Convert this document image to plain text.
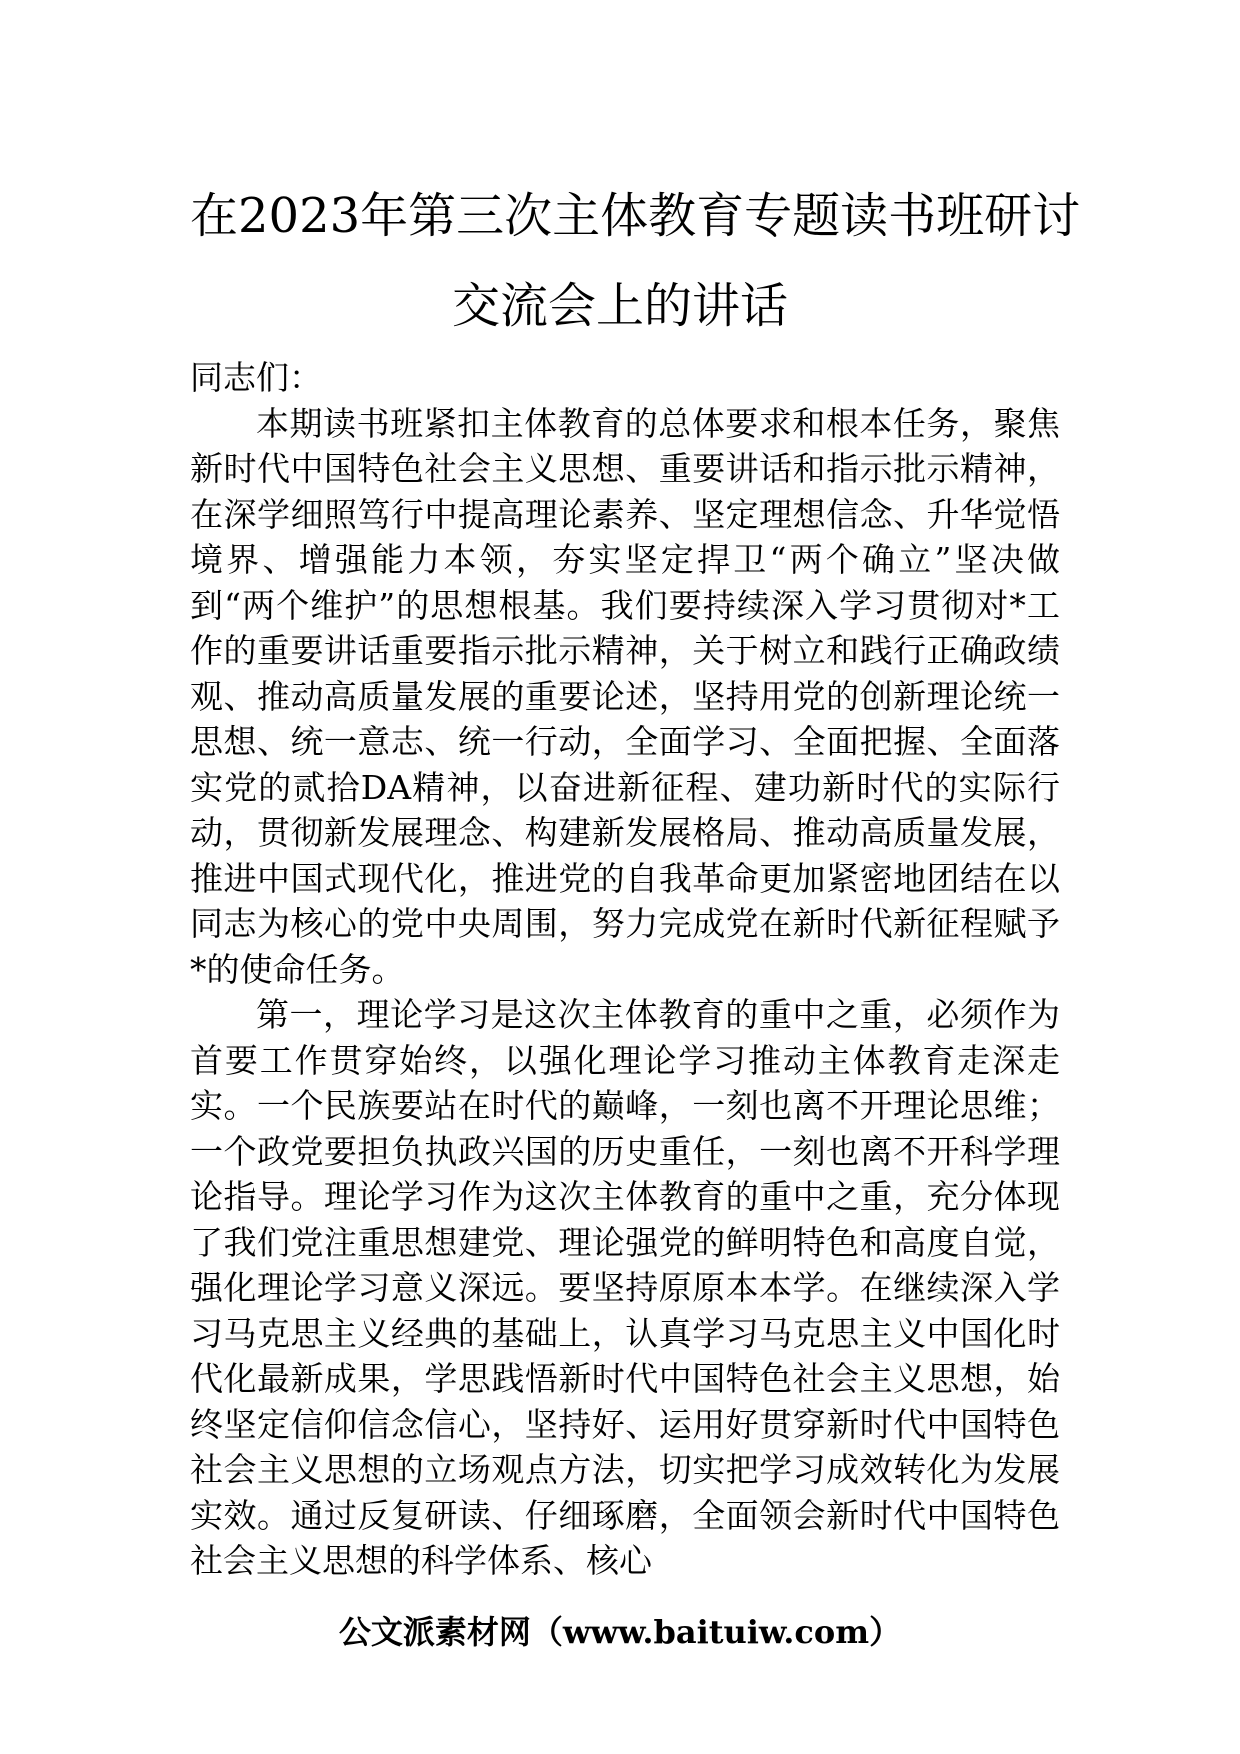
在2023年第三次主体教育专题读书班研讨
交流会上的讲话

同志们：

本期读书班紧扣主体教育的总体要求和根本任务，聚焦新时代中国特色社会主义思想、重要讲话和指示批示精神，在深学细照笃行中提高理论素养、坚定理想信念、升华觉悟境界、增强能力本领，夯实坚定捍卫“两个确立”坚决做到“两个维护”的思想根基。我们要持续深入学习贯彻对*工作的重要讲话重要指示批示精神，关于树立和践行正确政绩观、推动高质量发展的重要论述，坚持用党的创新理论统一思想、统一意志、统一行动，全面学习、全面把握、全面落实党的贰拾DA精神，以奋进新征程、建功新时代的实际行动，贯彻新发展理念、构建新发展格局、推动高质量发展，推进中国式现代化，推进党的自我革命更加紧密地团结在以同志为核心的党中央周围，努力完成党在新时代新征程赋予*的使命任务。

第一，理论学习是这次主体教育的重中之重，必须作为首要工作贯穿始终，以强化理论学习推动主体教育走深走实。一个民族要站在时代的巅峰，一刻也离不开理论思维；一个政党要担负执政兴国的历史重任，一刻也离不开科学理论指导。理论学习作为这次主体教育的重中之重，充分体现了我们党注重思想建党、理论强党的鲜明特色和高度自觉，强化理论学习意义深远。要坚持原原本本学。在继续深入学习马克思主义经典的基础上，认真学习马克思主义中国化时代化最新成果，学思践悟新时代中国特色社会主义思想，始终坚定信仰信念信心，坚持好、运用好贯穿新时代中国特色社会主义思想的立场观点方法，切实把学习成效转化为发展实效。通过反复研读、仔细琢磨，全面领会新时代中国特色社会主义思想的科学体系、核心

公文派素材网（www.baituiw.com）
